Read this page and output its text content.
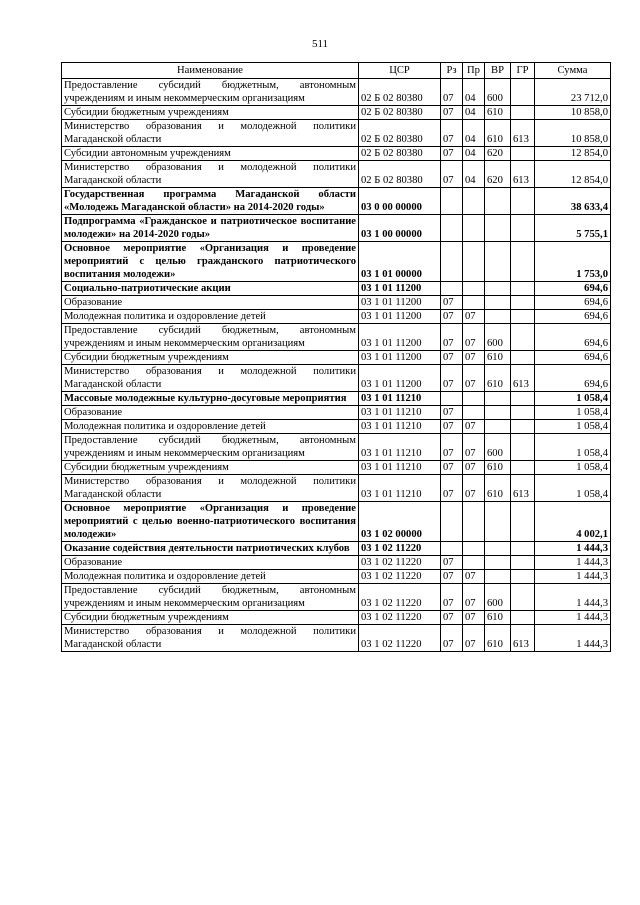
511
Наименование	ЦСР	Рз	Пр	ВР	ГР	Сумма
Предоставление субсидий бюджетным, автономным учреждениям и иным некоммерческим организациям	02 Б 02 80380	07	04	600		23 712,0
Субсидии бюджетным учреждениям	02 Б 02 80380	07	04	610		10 858,0
Министерство образования и молодежной политики Магаданской области	02 Б 02 80380	07	04	610	613	10 858,0
Субсидии автономным учреждениям	02 Б 02 80380	07	04	620		12 854,0
Министерство образования и молодежной политики Магаданской области	02 Б 02 80380	07	04	620	613	12 854,0
Государственная программа Магаданской области «Молодежь Магаданской области» на 2014-2020 годы»	03 0 00 00000					38 633,4
Подпрограмма «Гражданское и патриотическое воспитание молодежи» на 2014-2020 годы»	03 1 00 00000					5 755,1
Основное мероприятие «Организация и проведение мероприятий с целью гражданского патриотического воспитания молодежи»	03 1 01 00000					1 753,0
Социально-патриотические акции	03 1 01 11200					694,6
Образование	03 1 01 11200	07				694,6
Молодежная политика и оздоровление детей	03 1 01 11200	07	07			694,6
Предоставление субсидий бюджетным, автономным учреждениям и иным некоммерческим организациям	03 1 01 11200	07	07	600		694,6
Субсидии бюджетным учреждениям	03 1 01 11200	07	07	610		694,6
Министерство образования и молодежной политики Магаданской области	03 1 01 11200	07	07	610	613	694,6
Массовые молодежные культурно-досуговые мероприятия	03 1 01 11210					1 058,4
Образование	03 1 01 11210	07				1 058,4
Молодежная политика и оздоровление детей	03 1 01 11210	07	07			1 058,4
Предоставление субсидий бюджетным, автономным учреждениям и иным некоммерческим организациям	03 1 01 11210	07	07	600		1 058,4
Субсидии бюджетным учреждениям	03 1 01 11210	07	07	610		1 058,4
Министерство образования и молодежной политики Магаданской области	03 1 01 11210	07	07	610	613	1 058,4
Основное мероприятие «Организация и проведение мероприятий с целью военно-патриотического воспитания молодежи»	03 1 02 00000					4 002,1
Оказание содействия деятельности патриотических клубов	03 1 02 11220					1 444,3
Образование	03 1 02 11220	07				1 444,3
Молодежная политика и оздоровление детей	03 1 02 11220	07	07			1 444,3
Предоставление субсидий бюджетным, автономным учреждениям и иным некоммерческим организациям	03 1 02 11220	07	07	600		1 444,3
Субсидии бюджетным учреждениям	03 1 02 11220	07	07	610		1 444,3
Министерство образования и молодежной политики Магаданской области	03 1 02 11220	07	07	610	613	1 444,3
